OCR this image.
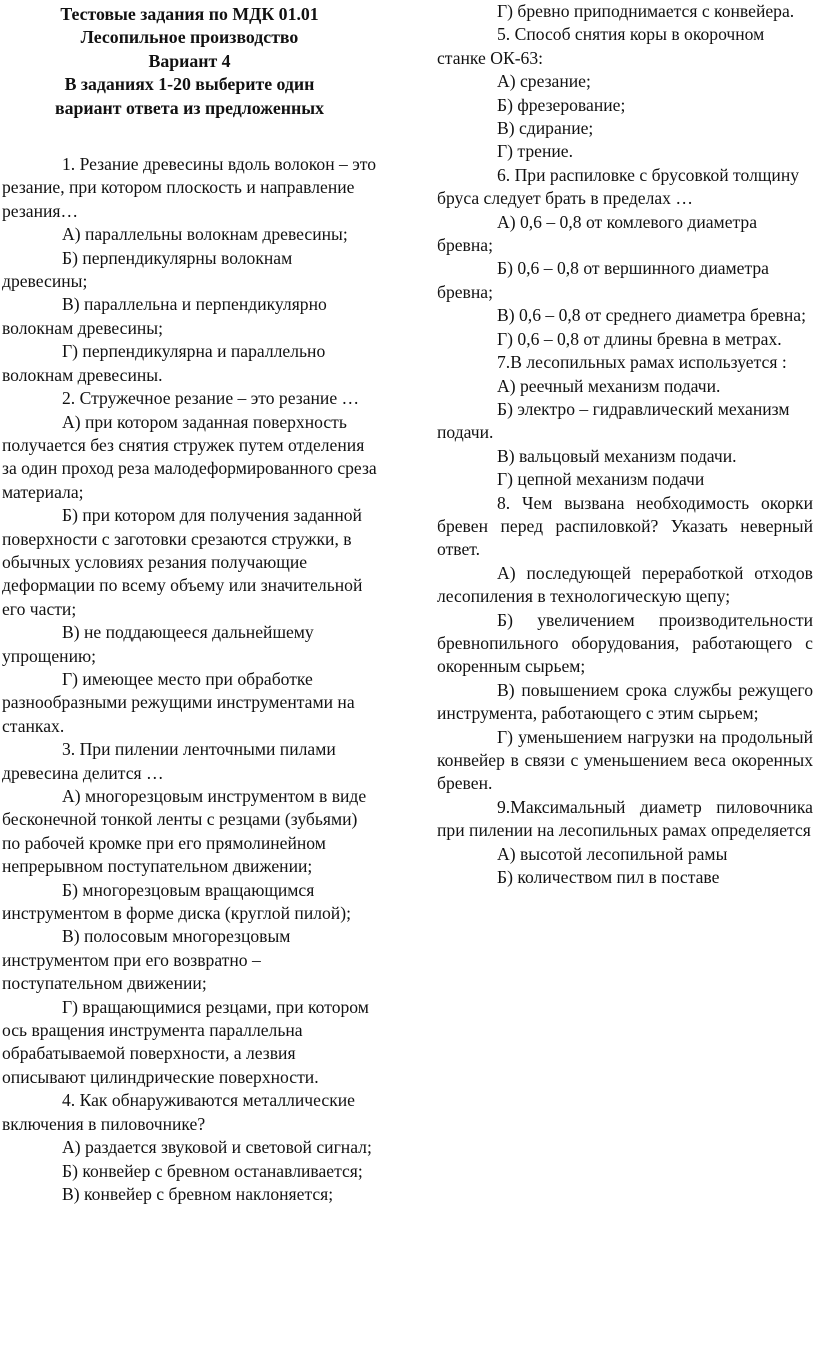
Тестовые задания по МДК 01.01
Лесопильное производство
Вариант 4
В заданиях 1-20 выберите один
вариант ответа из предложенных

1. Резание древесины вдоль волокон – это резание, при котором плоскость и направление резания…

А) параллельны волокнам древесины;

Б) перпендикулярны волокнам древесины;

В) параллельна и перпендикулярно волокнам древесины;

Г) перпендикулярна и параллельно волокнам древесины.

2. Стружечное резание – это резание …

А) при котором заданная поверхность получается без снятия стружек путем отделения за один проход реза малодеформированного среза материала;

Б) при котором для получения заданной поверхности с заготовки срезаются стружки, в обычных условиях резания получающие деформации по всему объему или значительной его части;

В) не поддающееся дальнейшему упрощению;

Г) имеющее место при обработке разнообразными режущими инструментами на станках.

3. При пилении ленточными пилами древесина делится …

А) многорезцовым инструментом в виде бесконечной тонкой ленты с резцами (зубьями) по рабочей кромке при его прямолинейном непрерывном поступательном движении;

Б) многорезцовым вращающимся инструментом в форме диска (круглой пилой);

В) полосовым многорезцовым инструментом при его возвратно – поступательном движении;

Г) вращающимися резцами, при котором ось вращения инструмента параллельна обрабатываемой поверхности, а лезвия описывают цилиндрические поверхности.

4. Как обнаруживаются металлические включения в пиловочнике?

А) раздается звуковой и световой сигнал;

Б) конвейер с бревном останавливается;

В) конвейер с бревном наклоняется;

Г) бревно приподнимается с конвейера.

5. Способ снятия коры в окорочном станке ОК-63:

А) срезание;

Б) фрезерование;

В) сдирание;

Г) трение.

6. При распиловке с брусовкой толщину бруса следует брать в пределах …

А) 0,6 – 0,8 от комлевого диаметра бревна;

Б) 0,6 – 0,8 от вершинного диаметра бревна;

В) 0,6 – 0,8 от среднего диаметра бревна;

Г) 0,6 – 0,8 от длины бревна в метрах.

7.В лесопильных рамах используется :

А) реечный механизм подачи.

Б) электро – гидравлический механизм подачи.

В) вальцовый механизм подачи.

Г) цепной механизм подачи

8. Чем вызвана необходимость окорки бревен перед распиловкой? Указать неверный ответ.

А) последующей переработкой отходов лесопиления в технологическую щепу;

Б) увеличением производительности бревнопильного оборудования, работающего с окоренным сырьем;

В) повышением срока службы режущего инструмента, работающего с этим сырьем;

Г) уменьшением нагрузки на продольный конвейер в связи с уменьшением веса окоренных бревен.

9.Максимальный диаметр пиловочника при пилении на лесопильных рамах определяется

А) высотой лесопильной рамы

Б) количеством пил в поставе
